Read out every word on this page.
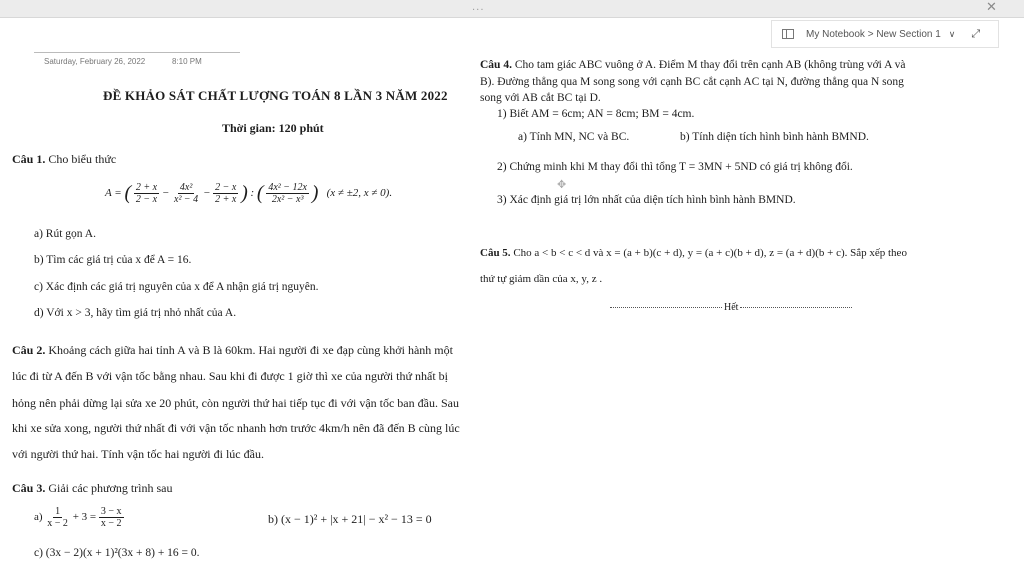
...	✕
My Notebook > New Section 1 ∨ ⤢
Saturday, February 26, 2022	8:10 PM
ĐỀ KHẢO SÁT CHẤT LƯỢNG TOÁN 8 LẦN 3 NĂM 2022
Thời gian: 120 phút
Câu 1. Cho biểu thức
A = ( $\frac{2 + x}{2 - x} - \frac{\text{4x²}}{\text{x² − 4}} - \frac{2 - x}{2 + x}$ ) : ( $\frac{\text{4x² − 12x}}{\text{2x² − x³}}$ )   (x ≠ ±2, x ≠ 0).
a) Rút gọn A.
b) Tìm các giá trị của x để A = 16.
c) Xác định các giá trị nguyên của x để A nhận giá trị nguyên.
d) Với x > 3, hãy tìm giá trị nhỏ nhất của A.
Câu 2. Khoảng cách giữa hai tỉnh A và B là 60km. Hai người đi xe đạp cùng khởi hành một
lúc đi từ A đến B với vận tốc bằng nhau. Sau khi đi được 1 giờ thì xe của người thứ nhất bị
hỏng nên phải dừng lại sửa xe 20 phút, còn người thứ hai tiếp tục đi với vận tốc ban đầu. Sau
khi xe sửa xong, người thứ nhất đi với vận tốc nhanh hơn trước 4km/h nên đã đến B cùng lúc
với người thứ hai. Tính vận tốc hai người đi lúc đầu.
Câu 3. Giải các phương trình sau
$a) \frac{1}{x - 2} + 3 = \frac{3 - x}{x - 2}$	b) (x − 1)² + |x + 21| − x² − 13 = 0
c) (3x − 2)(x + 1)²(3x + 8) + 16 = 0.
Câu 4. Cho tam giác ABC vuông ở A. Điểm M thay đổi trên cạnh AB (không trùng với A và
B). Đường thẳng qua M song song với cạnh BC cắt cạnh AC tại N, đường thẳng qua N song
song với AB cắt BC tại D.
1) Biết AM = 6cm; AN = 8cm; BM = 4cm.
a) Tính MN, NC và BC.	b) Tính diện tích hình bình hành BMND.
2) Chứng minh khi M thay đổi thì tổng T = 3MN + 5ND có giá trị không đổi.
✥
3) Xác định giá trị lớn nhất của diện tích hình bình hành BMND.
Câu 5. Cho a < b < c < d và x = (a + b)(c + d), y = (a + c)(b + d), z = (a + d)(b + c). Sắp xếp theo
thứ tự giảm dần của x, y, z .
Hết
